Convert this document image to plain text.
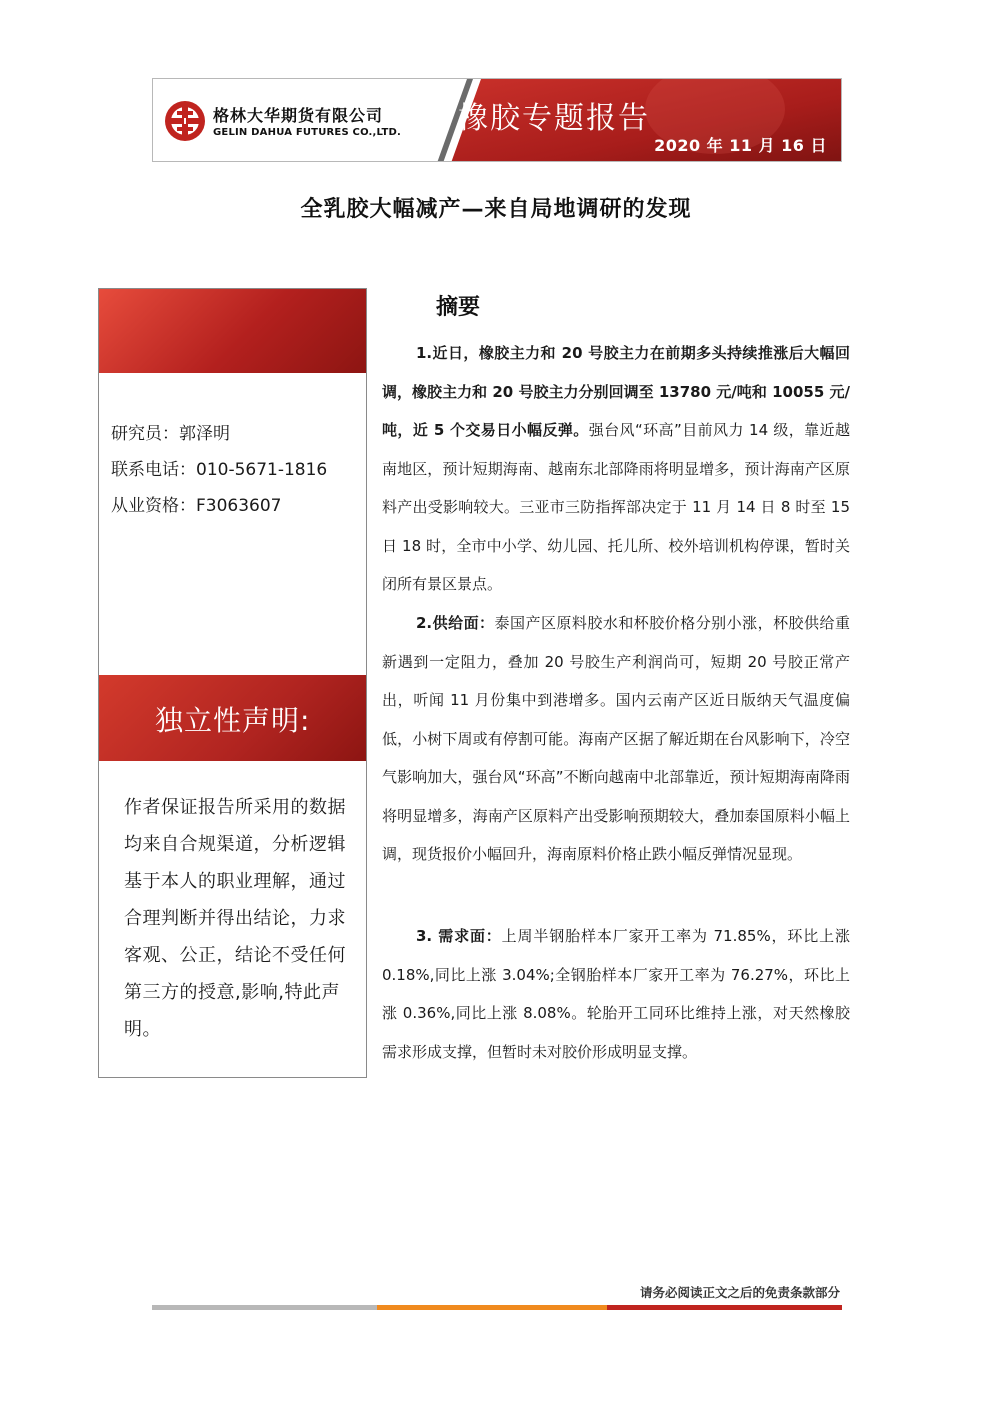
格林大华期货有限公司
GELIN DAHUA FUTURES CO.,LTD. 橡胶专题报告
2020 年 11 月 16 日
全乳胶大幅减产—来自局地调研的发现
研究员：郭泽明
联系电话：010-5671-1816
从业资格：F3063607
独立性声明:
作者保证报告所采用的数据均来自合规渠道，分析逻辑基于本人的职业理解，通过合理判断并得出结论，力求客观、公正，结论不受任何第三方的授意,影响,特此声明。
摘要
1.近日，橡胶主力和 20 号胶主力在前期多头持续推涨后大幅回调，橡胶主力和 20 号胶主力分别回调至 13780 元/吨和 10055 元/吨，近 5 个交易日小幅反弹。强台风“环高”目前风力 14 级，靠近越南地区，预计短期海南、越南东北部降雨将明显增多，预计海南产区原料产出受影响较大。三亚市三防指挥部决定于 11 月 14 日 8 时至 15 日 18 时，全市中小学、幼儿园、托儿所、校外培训机构停课，暂时关闭所有景区景点。
2.供给面：泰国产区原料胶水和杯胶价格分别小涨，杯胶供给重新遇到一定阻力，叠加 20 号胶生产利润尚可，短期 20 号胶正常产出，听闻 11 月份集中到港增多。国内云南产区近日版纳天气温度偏低，小树下周或有停割可能。海南产区据了解近期在台风影响下，冷空气影响加大，强台风“环高”不断向越南中北部靠近，预计短期海南降雨将明显增多，海南产区原料产出受影响预期较大，叠加泰国原料小幅上调，现货报价小幅回升，海南原料价格止跌小幅反弹情况显现。
3. 需求面：上周半钢胎样本厂家开工率为 71.85%，环比上涨 0.18%,同比上涨 3.04%;全钢胎样本厂家开工率为 76.27%，环比上涨 0.36%,同比上涨 8.08%。轮胎开工同环比维持上涨，对天然橡胶需求形成支撑，但暂时未对胶价形成明显支撑。
请务必阅读正文之后的免责条款部分
